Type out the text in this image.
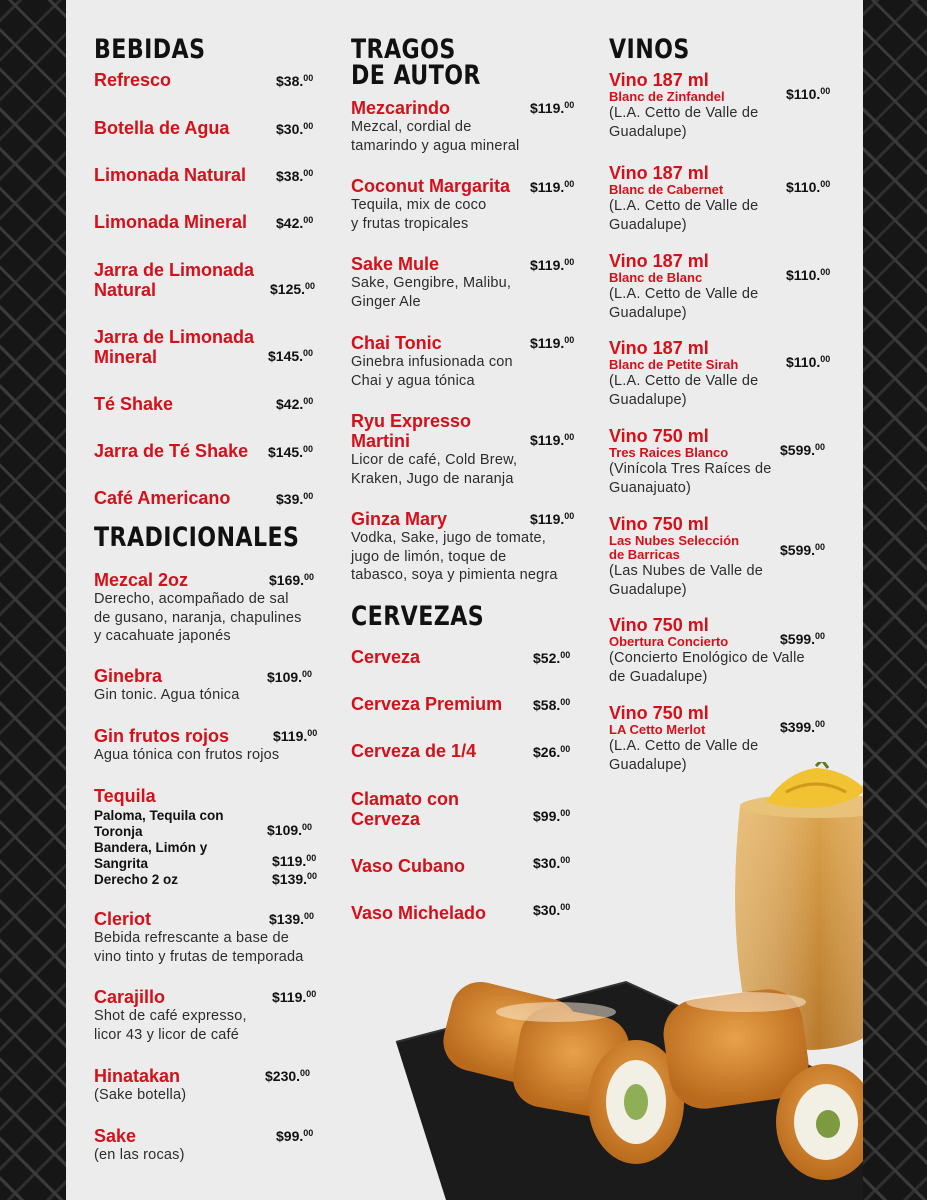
BEBIDAS
Refresco	$38.00
Botella de Agua	$30.00
Limonada Natural $38.00
Limonada Mineral $42.00
Jarra de Limonada
Natural	$125.00
Jarra de Limonada
Mineral	$145.00
Té Shake	$42.00
Jarra de Té Shake $145.00
Café Americano	$39.00
TRADICIONALES
Mezcal 2oz
Derecho, acompañado de sal
de gusano, naranja, chapulines
y cacahuate japonés
$169.00
Ginebra
Gin tonic. Agua tónica
$109.00
Gin frutos rojos
Agua tónica con frutos rojos
$119.00
Tequila
Paloma, Tequila con
Toronja	$109.00
Bandera, Limón y
Sangrita	$119.00
Derecho 2 oz	$139.00
Cleriot
Bebida refrescante a base de
vino tinto y frutas de temporada
$139.00
Carajillo
Shot de café expresso,
licor 43 y licor de café
$119.00
Hinatakan
(Sake botella)
$230.00
Sake
(en las rocas)
$99.00
TRAGOS
DE AUTOR
Mezcarindo
Mezcal, cordial de
tamarindo y agua mineral
$119.00
Coconut Margarita
Tequila, mix de coco
y frutas tropicales
$119.00
Sake Mule
Sake, Gengibre, Malibu,
Ginger Ale
$119.00
Chai Tonic
Ginebra infusionada con
Chai y agua tónica
$119.00
Ryu Expresso
Martini
Licor de café, Cold Brew,
Kraken, Jugo de naranja
$119.00
Ginza Mary
Vodka, Sake, jugo de tomate,
jugo de limón, toque de
tabasco, soya y pimienta negra
$119.00
CERVEZAS
Cerveza	$52.00
Cerveza Premium $58.00
Cerveza de 1/4	$26.00
Clamato con
Cerveza	$99.00
Vaso Cubano	$30.00
Vaso Michelado	$30.00
VINOS
Vino 187 ml
Blanc de Zinfandel
(L.A. Cetto de Valle de
Guadalupe)
$110.00
Vino 187 ml
Blanc de Cabernet
(L.A. Cetto de Valle de
Guadalupe)
$110.00
Vino 187 ml
Blanc de Blanc
(L.A. Cetto de Valle de
Guadalupe)
$110.00
Vino 187 ml
Blanc de Petite Sirah
(L.A. Cetto de Valle de
Guadalupe)
$110.00
Vino 750 ml
Tres Raices Blanco
(Vinícola Tres Raíces de
Guanajuato)
$599.00
Vino 750 ml
Las Nubes Selección
de Barricas
(Las Nubes de Valle de
Guadalupe)
$599.00
Vino 750 ml
Obertura Concierto
(Concierto Enológico de Valle
de Guadalupe)
$599.00
Vino 750 ml
LA Cetto Merlot
(L.A. Cetto de Valle de
Guadalupe)
$399.00
